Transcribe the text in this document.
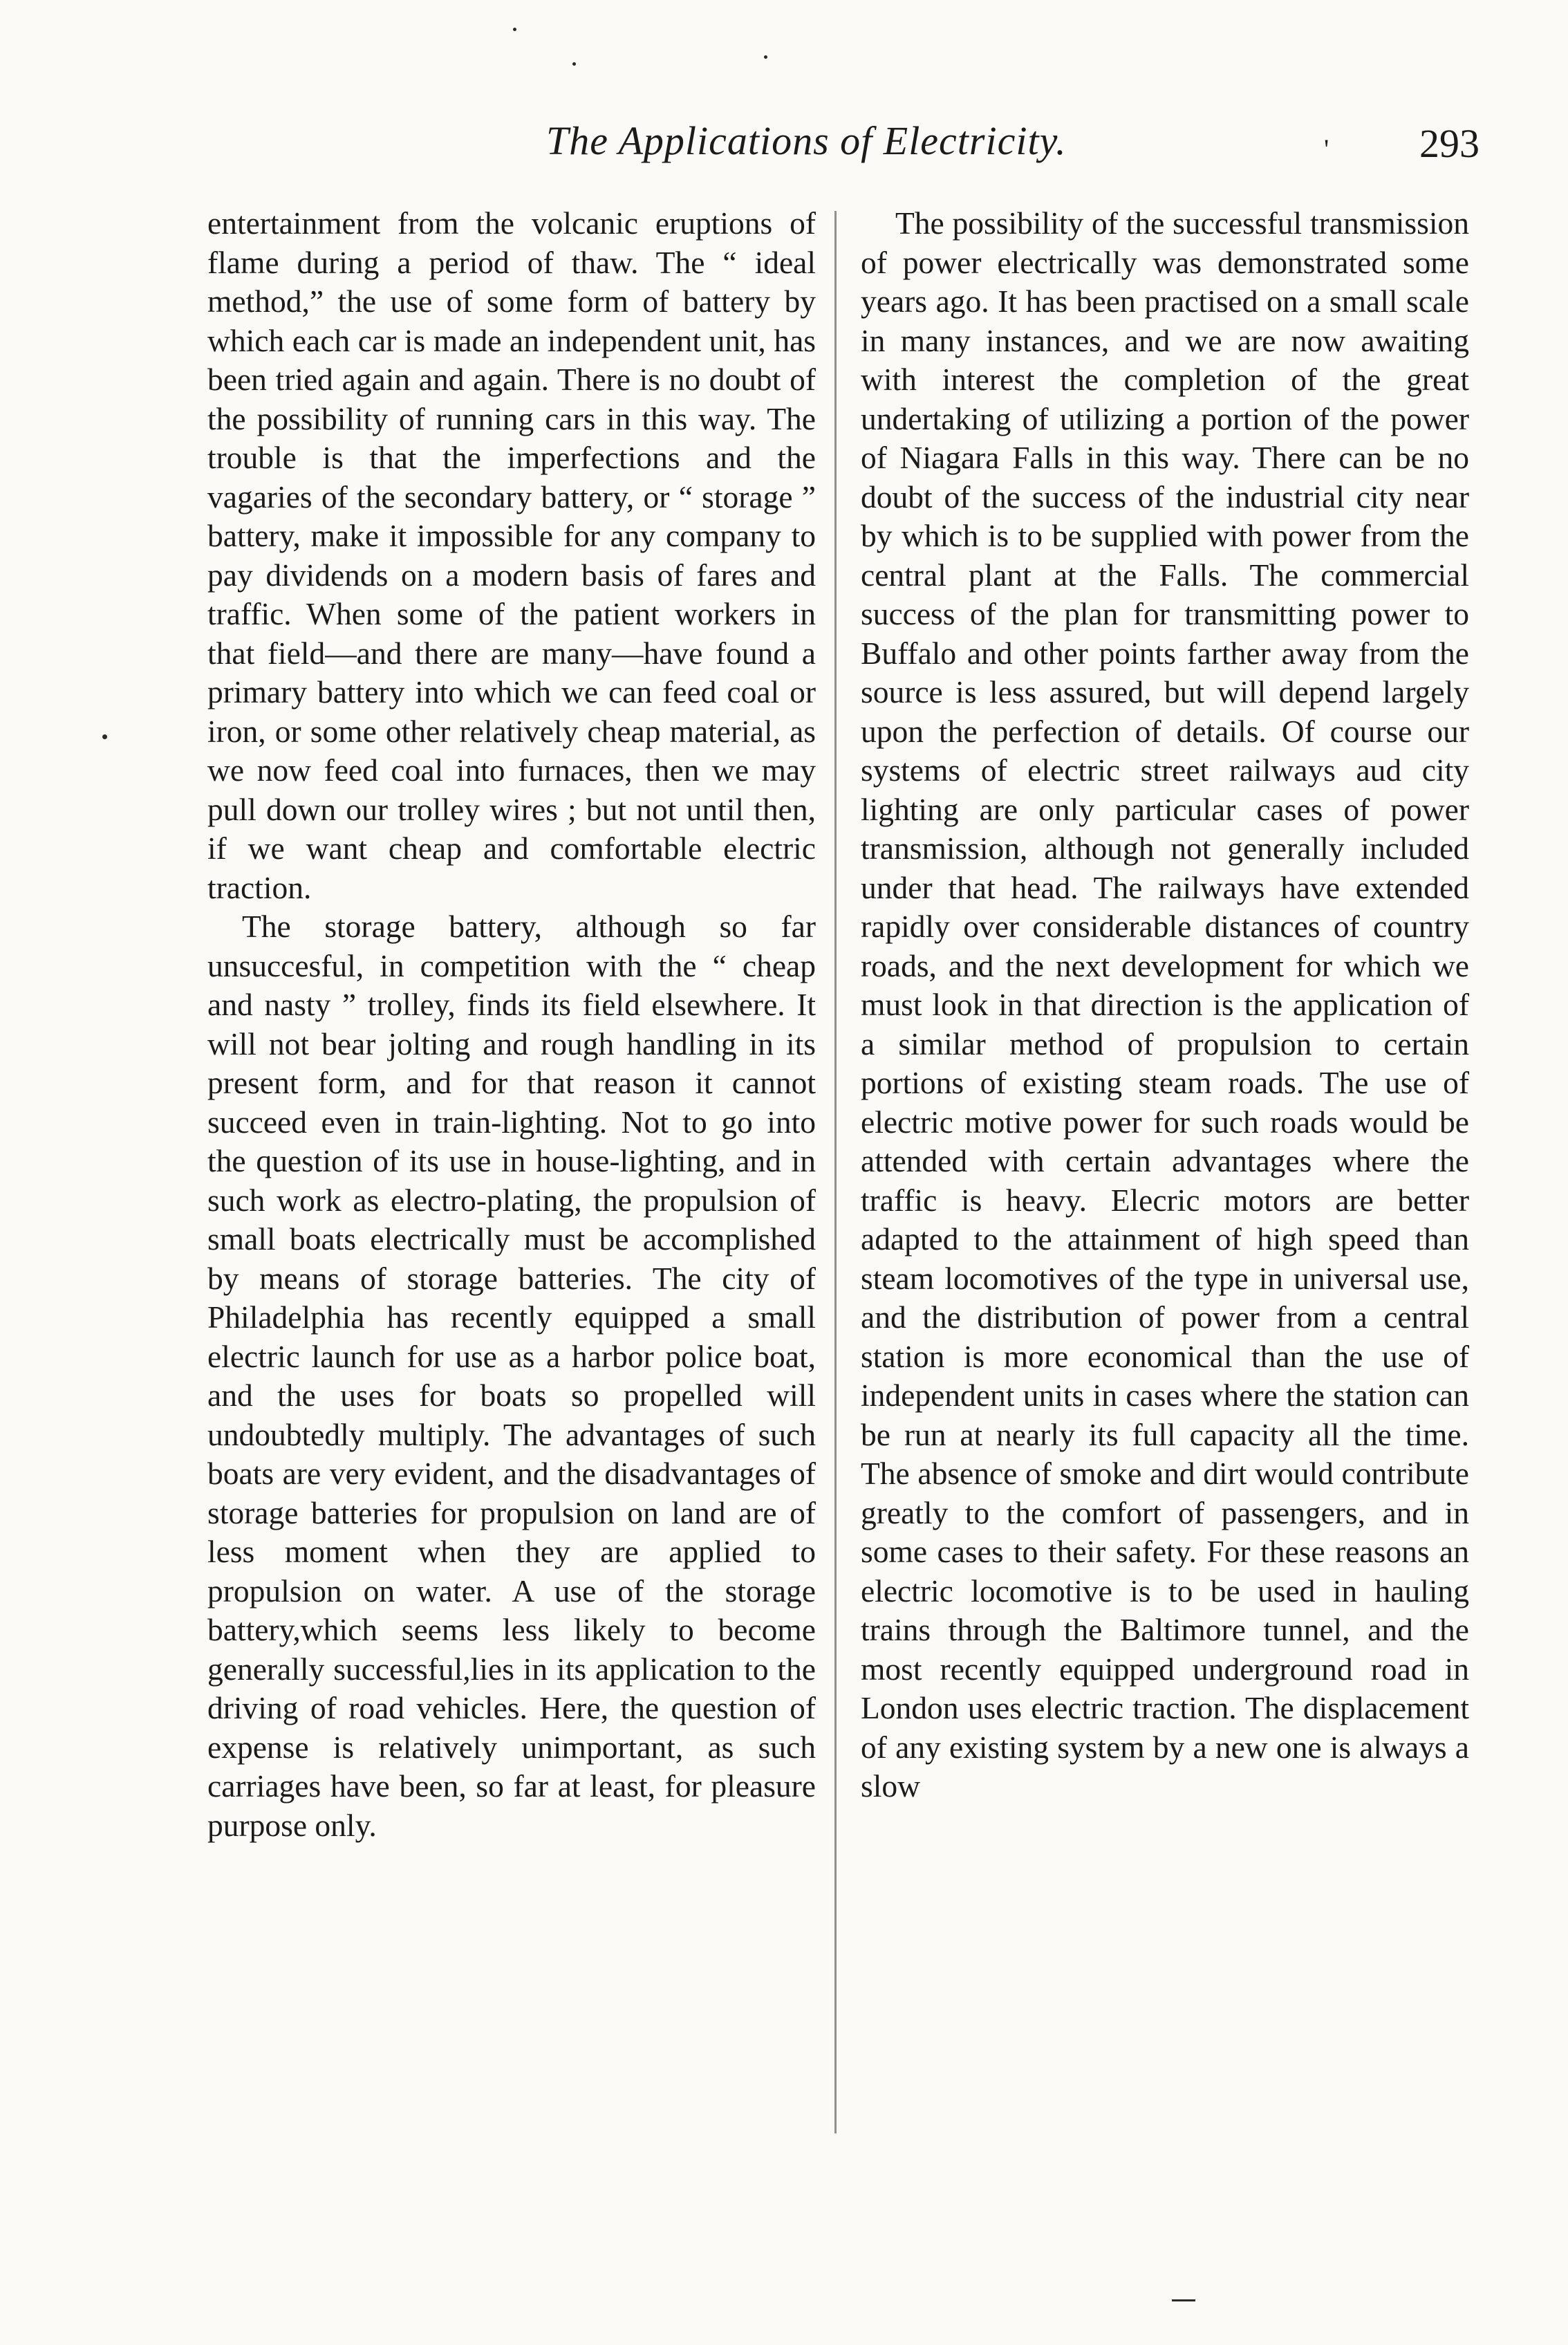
The Applications of Electricity.	' 293

entertainment from the volcanic eruptions of flame during a period of thaw. The “ ideal method,” the use of some form of battery by which each car is made an independent unit, has been tried again and again. There is no doubt of the possibility of running cars in this way. The trouble is that the imperfections and the vagaries of the secondary battery, or “ storage ” battery, make it impossible for any company to pay dividends on a modern basis of fares and traffic. When some of the patient workers in that field—and there are many—have found a primary battery into which we can feed coal or iron, or some other relatively cheap material, as we now feed coal into furnaces, then we may pull down our trolley wires ; but not until then, if we want cheap and comfortable electric traction.

The storage battery, although so far unsuccesful, in competition with the “ cheap and nasty ” trolley, finds its field elsewhere. It will not bear jolting and rough handling in its present form, and for that reason it cannot succeed even in train-lighting. Not to go into the question of its use in house-lighting, and in such work as electro-plating, the propulsion of small boats electrically must be accomplished by means of storage batteries. The city of Philadelphia has recently equipped a small electric launch for use as a harbor police boat, and the uses for boats so propelled will undoubtedly multiply. The advantages of such boats are very evident, and the disadvantages of storage batteries for propulsion on land are of less moment when they are applied to propulsion on water. A use of the storage battery,which seems less likely to become generally successful,lies in its application to the driving of road vehicles. Here, the question of expense is relatively unimportant, as such carriages have been, so far at least, for pleasure purpose only.

The possibility of the successful transmission of power electrically was demonstrated some years ago. It has been practised on a small scale in many instances, and we are now awaiting with interest the completion of the great undertaking of utilizing a portion of the power of Niagara Falls in this way. There can be no doubt of the success of the industrial city near by which is to be supplied with power from the central plant at the Falls. The commercial success of the plan for transmitting power to Buffalo and other points farther away from the source is less assured, but will depend largely upon the perfection of details. Of course our systems of electric street railways aud city lighting are only particular cases of power transmission, although not generally included under that head. The railways have extended rapidly over considerable distances of country roads, and the next development for which we must look in that direction is the application of a similar method of propulsion to certain portions of existing steam roads. The use of electric motive power for such roads would be attended with certain advantages where the traffic is heavy. Elecric motors are better adapted to the attainment of high speed than steam locomotives of the type in universal use, and the distribution of power from a central station is more economical than the use of independent units in cases where the station can be run at nearly its full capacity all the time. The absence of smoke and dirt would contribute greatly to the comfort of passengers, and in some cases to their safety. For these reasons an electric locomotive is to be used in hauling trains through the Baltimore tunnel, and the most recently equipped underground road in London uses electric traction. The displacement of any existing system by a new one is always a slow
